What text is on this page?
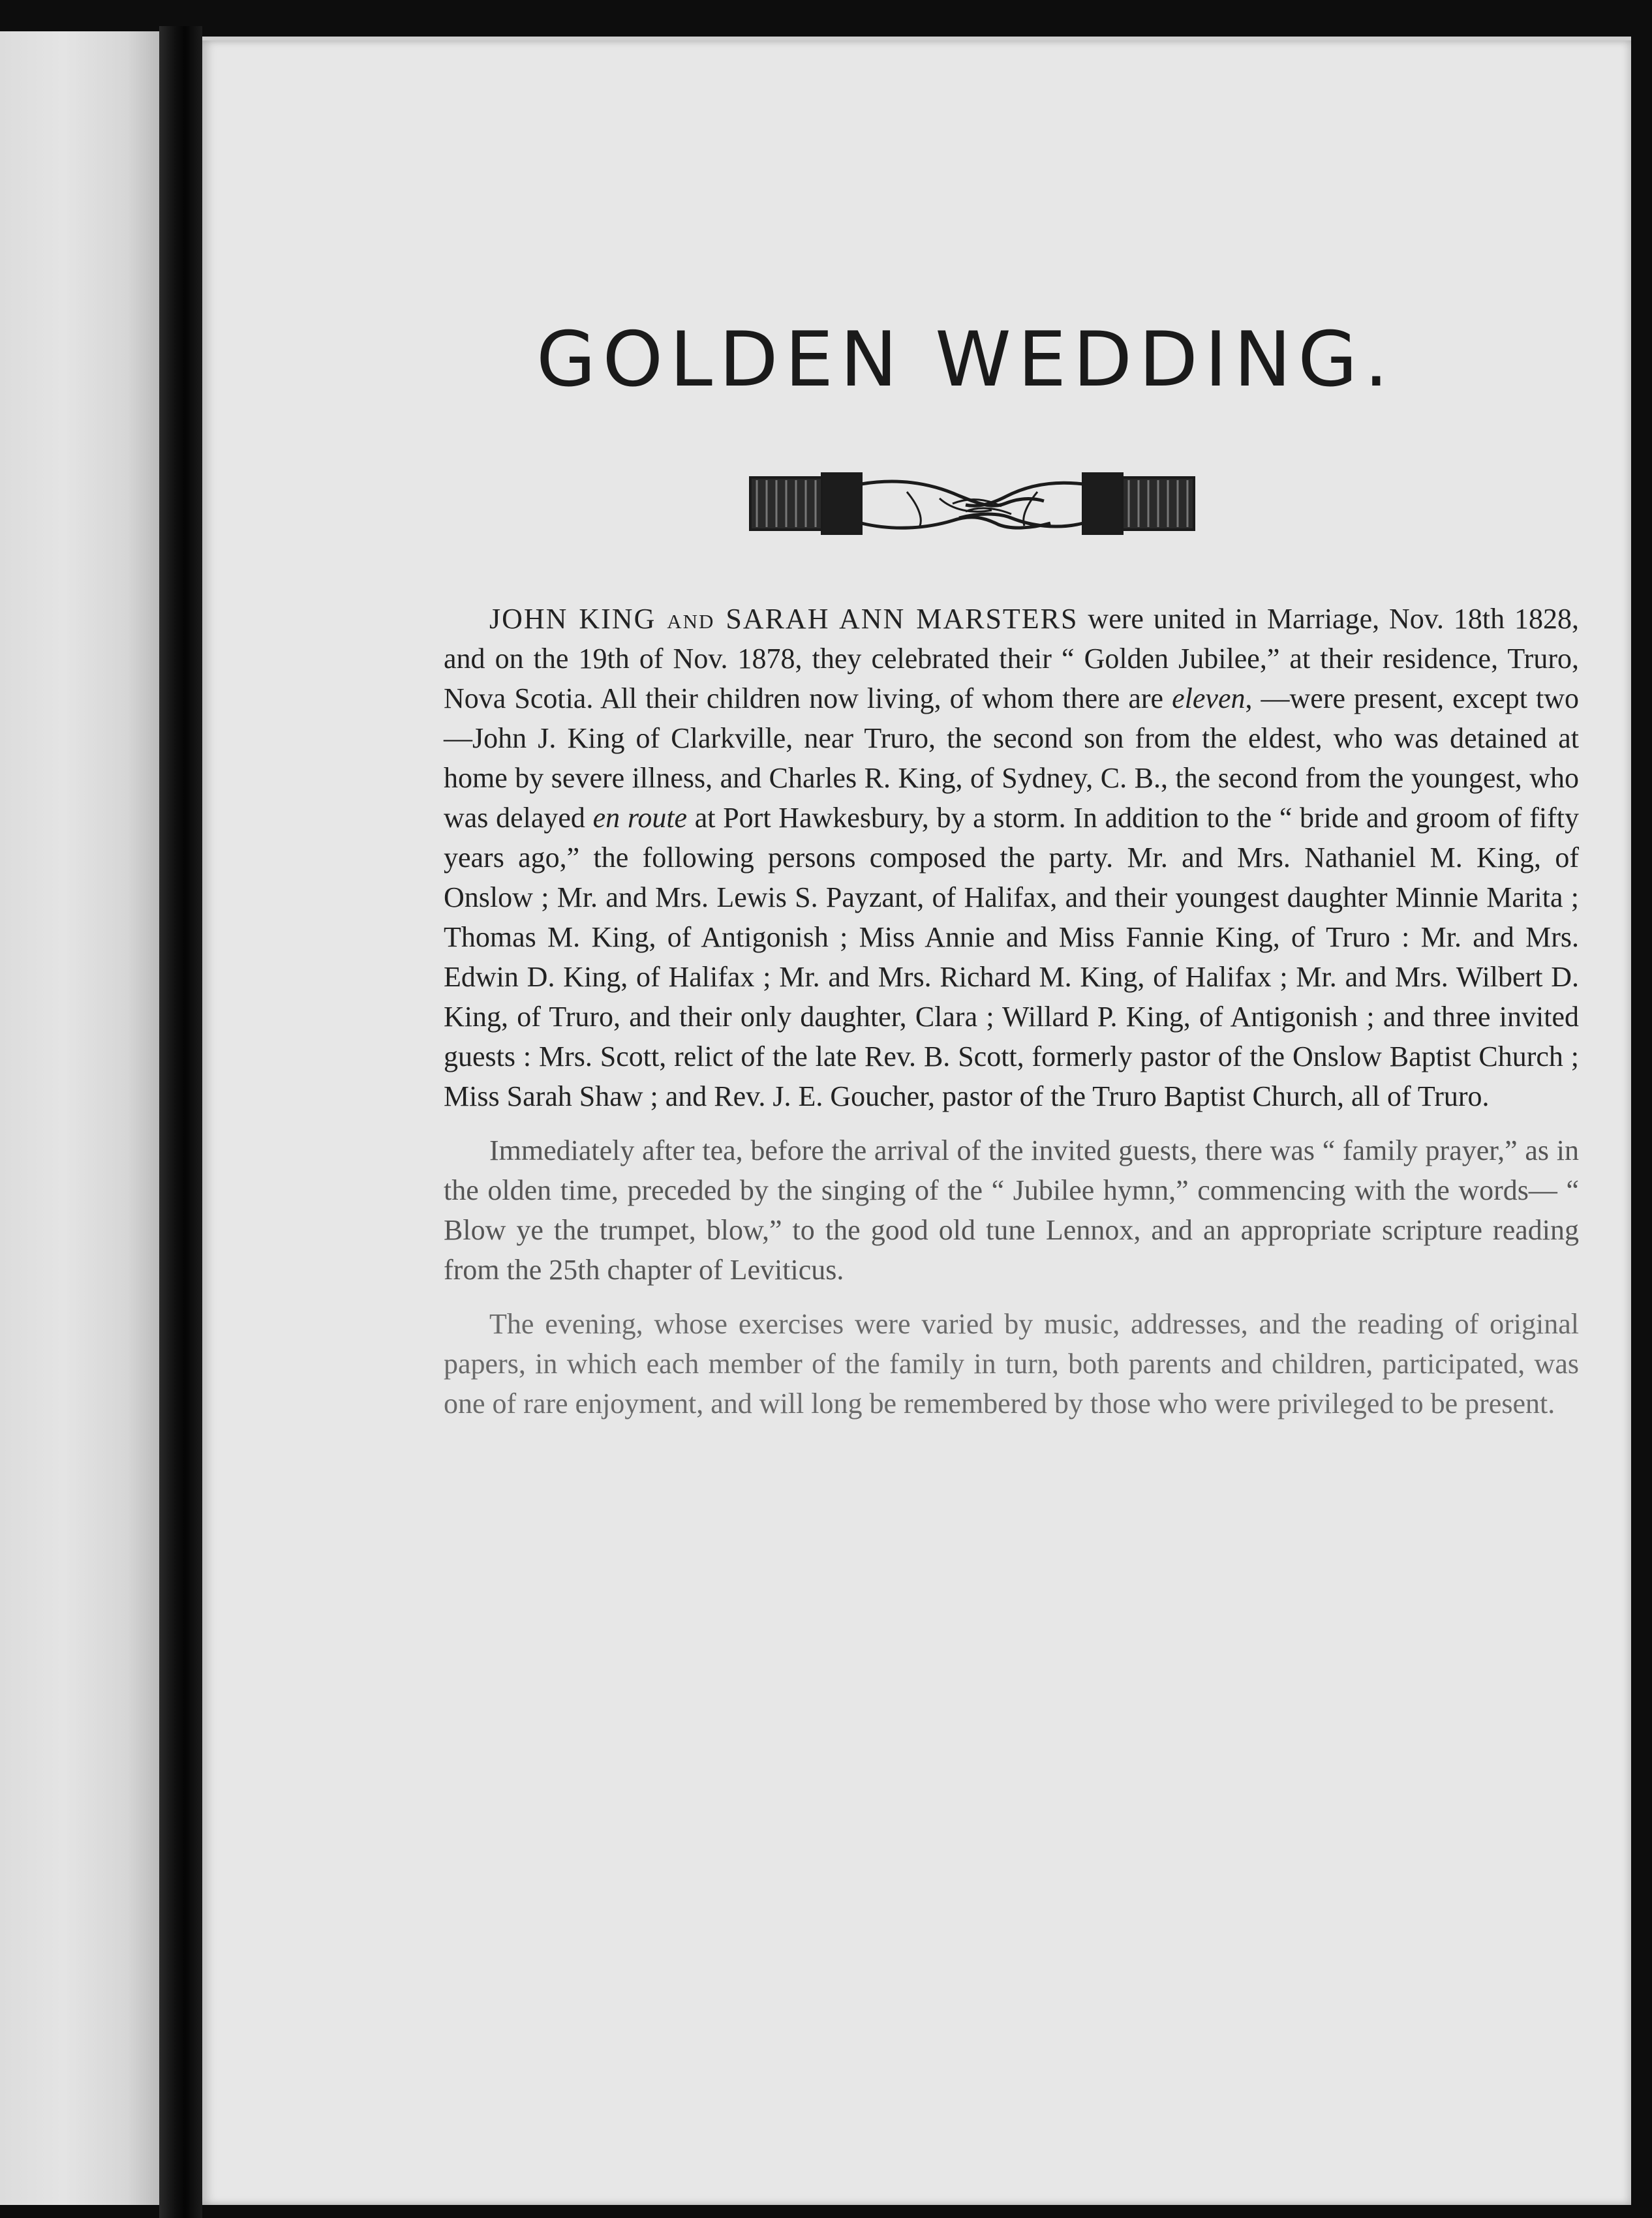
GOLDEN WEDDING.

JOHN KING and SARAH ANN MARSTERS were united in Marriage, Nov. 18th 1828, and on the 19th of Nov. 1878, they celebrated their “ Golden Jubilee,” at their residence, Truro, Nova Scotia. All their children now living, of whom there are eleven, —were present, except two—John J. King of Clarkville, near Truro, the second son from the eldest, who was detained at home by severe illness, and Charles R. King, of Sydney, C. B., the second from the youngest, who was delayed en route at Port Hawkesbury, by a storm. In addition to the “ bride and groom of fifty years ago,” the following persons composed the party. Mr. and Mrs. Nathaniel M. King, of Onslow ; Mr. and Mrs. Lewis S. Payzant, of Halifax, and their youngest daughter Minnie Marita ; Thomas M. King, of Antigonish ; Miss Annie and Miss Fannie King, of Truro : Mr. and Mrs. Edwin D. King, of Halifax ; Mr. and Mrs. Richard M. King, of Halifax ; Mr. and Mrs. Wilbert D. King, of Truro, and their only daughter, Clara ; Willard P. King, of Antigonish ; and three invited guests : Mrs. Scott, relict of the late Rev. B. Scott, formerly pastor of the Onslow Baptist Church ; Miss Sarah Shaw ; and Rev. J. E. Goucher, pastor of the Truro Baptist Church, all of Truro.

Immediately after tea, before the arrival of the invited guests, there was “ family prayer,” as in the olden time, preceded by the singing of the “ Jubilee hymn,” commencing with the words— “ Blow ye the trumpet, blow,” to the good old tune Lennox, and an appropriate scripture reading from the 25th chapter of Leviticus.

The evening, whose exercises were varied by music, addresses, and the reading of original papers, in which each member of the family in turn, both parents and children, participated, was one of rare enjoyment, and will long be remembered by those who were privileged to be present.
